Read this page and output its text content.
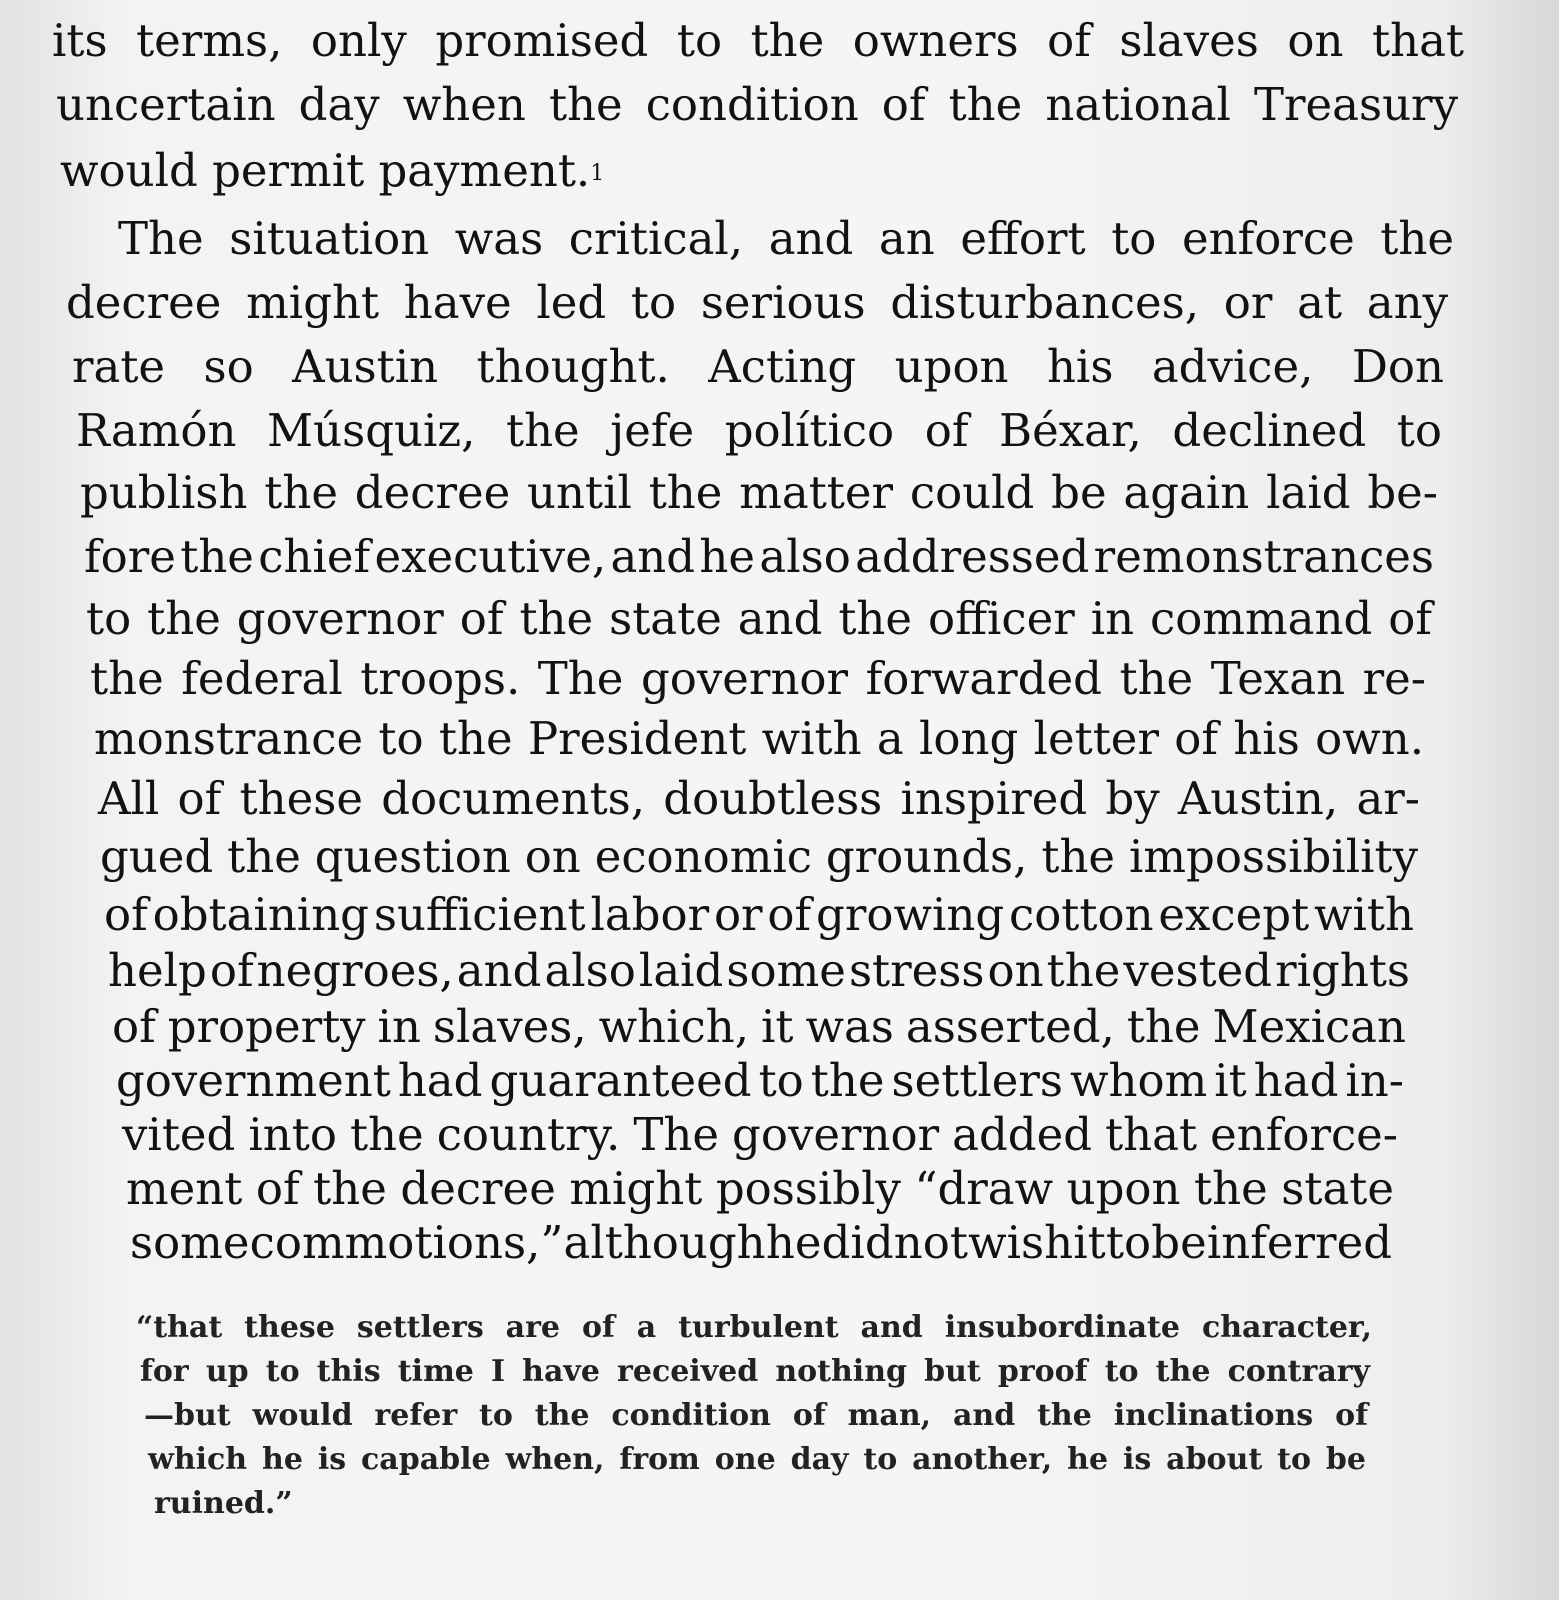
its terms, only promised to the owners of slaves on that
uncertain day when the condition of the national Treasury
would permit payment.$^1$
The situation was critical, and an effort to enforce the
decree might have led to serious disturbances, or at any
rate so Austin thought. Acting upon his advice, Don
Ramón Músquiz, the jefe político of Béxar, declined to
publish the decree until the matter could be again laid be-
fore the chief executive, and he also addressed remonstrances
to the governor of the state and the officer in command of
the federal troops. The governor forwarded the Texan re-
monstrance to the President with a long letter of his own.
All of these documents, doubtless inspired by Austin, ar-
gued the question on economic grounds, the impossibility
of obtaining sufficient labor or of growing cotton except with
help of negroes, and also laid some stress on the vested rights
of property in slaves, which, it was asserted, the Mexican
government had guaranteed to the settlers whom it had in-
vited into the country. The governor added that enforce-
ment of the decree might possibly “draw upon the state
some commotions,” although he did not wish it to be inferred
“that these settlers are of a turbulent and insubordinate character,
for up to this time I have received nothing but proof to the contrary
—but would refer to the condition of man, and the inclinations of
which he is capable when, from one day to another, he is about to be
ruined.”
